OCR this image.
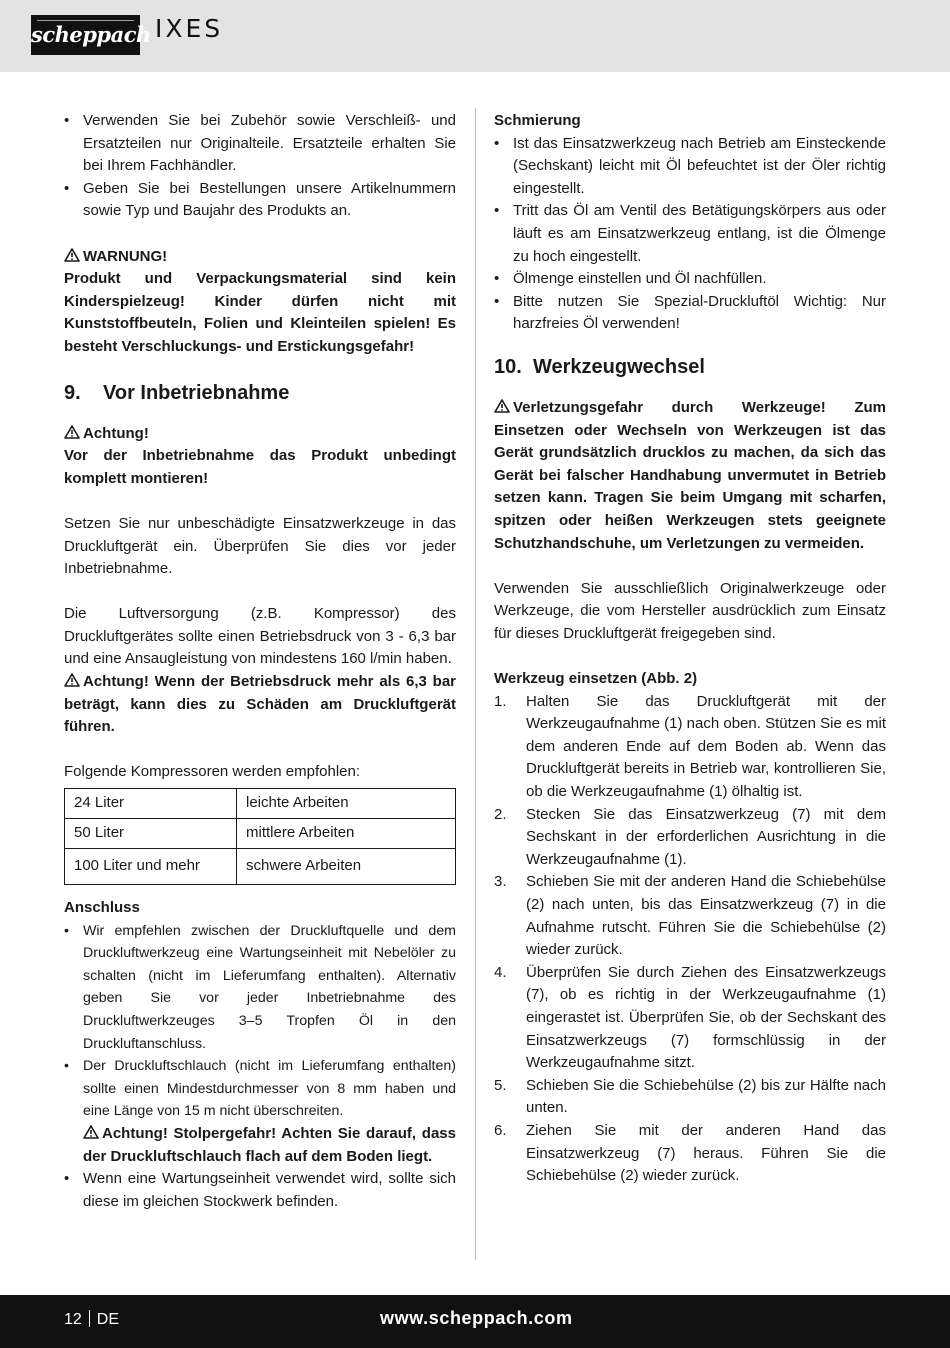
scheppach IXES
• Verwenden Sie bei Zubehör sowie Verschleiß- und Ersatzteilen nur Originalteile. Ersatzteile erhalten Sie bei Ihrem Fachhändler.
• Geben Sie bei Bestellungen unsere Artikelnummern sowie Typ und Baujahr des Produkts an.

WARNUNG!

Produkt und Verpackungsmaterial sind kein Kinderspielzeug! Kinder dürfen nicht mit Kunststoffbeuteln, Folien und Kleinteilen spielen! Es besteht Verschluckungs- und Erstickungsgefahr!

9. Vor Inbetriebnahme

Achtung!

Vor der Inbetriebnahme das Produkt unbedingt komplett montieren!

Setzen Sie nur unbeschädigte Einsatzwerkzeuge in das Druckluftgerät ein. Überprüfen Sie dies vor jeder Inbetriebnahme.

Die Luftversorgung (z.B. Kompressor) des Druckluftgerätes sollte einen Betriebsdruck von 3 - 6,3 bar und eine Ansaugleistung von mindestens 160 l/min haben.

Achtung! Wenn der Betriebsdruck mehr als 6,3 bar beträgt, kann dies zu Schäden am Druckluftgerät führen.

Folgende Kompressoren werden empfohlen:

24 Liter	leichte Arbeiten
50 Liter	mittlere Arbeiten
100 Liter und mehr	schwere Arbeiten

Anschluss

• Wir empfehlen zwischen der Druckluftquelle und dem Druckluftwerkzeug eine Wartungseinheit mit Nebelöler zu schalten (nicht im Lieferumfang enthalten). Alternativ geben Sie vor jeder Inbetriebnahme des Druckluftwerkzeuges 3–5 Tropfen Öl in den Druckluftanschluss.
• Der Druckluftschlauch (nicht im Lieferumfang enthalten) sollte einen Mindestdurchmesser von 8 mm haben und eine Länge von 15 m nicht überschreiten.
Achtung! Stolpergefahr! Achten Sie darauf, dass der Druckluftschlauch flach auf dem Boden liegt.
• Wenn eine Wartungseinheit verwendet wird, sollte sich diese im gleichen Stockwerk befinden.

Schmierung

• Ist das Einsatzwerkzeug nach Betrieb am Einsteckende (Sechskant) leicht mit Öl befeuchtet ist der Öler richtig eingestellt.
• Tritt das Öl am Ventil des Betätigungskörpers aus oder läuft es am Einsatzwerkzeug entlang, ist die Ölmenge zu hoch eingestellt.
• Ölmenge einstellen und Öl nachfüllen.
• Bitte nutzen Sie Spezial-Druckluftöl Wichtig: Nur harzfreies Öl verwenden!
10. Werkzeugwechsel

Verletzungsgefahr durch Werkzeuge! Zum Einsetzen oder Wechseln von Werkzeugen ist das Gerät grundsätzlich drucklos zu machen, da sich das Gerät bei falscher Handhabung unvermutet in Betrieb setzen kann. Tragen Sie beim Umgang mit scharfen, spitzen oder heißen Werkzeugen stets geeignete Schutzhandschuhe, um Verletzungen zu vermeiden.

Verwenden Sie ausschließlich Originalwerkzeuge oder Werkzeuge, die vom Hersteller ausdrücklich zum Einsatz für dieses Druckluftgerät freigegeben sind.

Werkzeug einsetzen (Abb. 2)

1. Halten Sie das Druckluftgerät mit der Werkzeugaufnahme (1) nach oben. Stützen Sie es mit dem anderen Ende auf dem Boden ab. Wenn das Druckluftgerät bereits in Betrieb war, kontrollieren Sie, ob die Werkzeugaufnahme (1) ölhaltig ist.
2. Stecken Sie das Einsatzwerkzeug (7) mit dem Sechskant in der erforderlichen Ausrichtung in die Werkzeugaufnahme (1).
3. Schieben Sie mit der anderen Hand die Schiebehülse (2) nach unten, bis das Einsatzwerkzeug (7) in die Aufnahme rutscht. Führen Sie die Schiebehülse (2) wieder zurück.
4. Überprüfen Sie durch Ziehen des Einsatzwerkzeugs (7), ob es richtig in der Werkzeugaufnahme (1) eingerastet ist. Überprüfen Sie, ob der Sechskant des Einsatzwerkzeugs (7) formschlüssig in der Werkzeugaufnahme sitzt.
5. Schieben Sie die Schiebehülse (2) bis zur Hälfte nach unten.
6. Ziehen Sie mit der anderen Hand das Einsatzwerkzeug (7) heraus. Führen Sie die Schiebehülse (2) wieder zurück.
12 DE	www.scheppach.com
